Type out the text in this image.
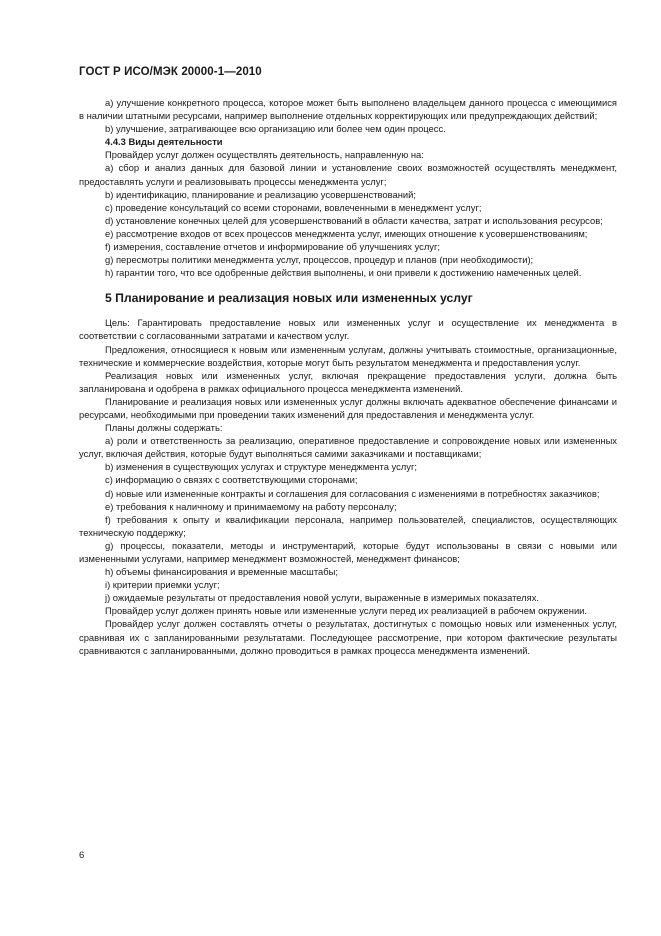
ГОСТ Р ИСО/МЭК 20000-1—2010

a) улучшение конкретного процесса, которое может быть выполнено владельцем данного процесса с имеющимися в наличии штатными ресурсами, например выполнение отдельных корректирующих или предупреждающих действий;

b) улучшение, затрагивающее всю организацию или более чем один процесс.

4.4.3 Виды деятельности

Провайдер услуг должен осуществлять деятельность, направленную на:

a) сбор и анализ данных для базовой линии и установление своих возможностей осуществлять менеджмент, предоставлять услуги и реализовывать процессы менеджмента услуг;

b) идентификацию, планирование и реализацию усовершенствований;

c) проведение консультаций со всеми сторонами, вовлеченными в менеджмент услуг;

d) установление конечных целей для усовершенствований в области качества, затрат и использования ресурсов;

e) рассмотрение входов от всех процессов менеджмента услуг, имеющих отношение к усовершенствованиям;

f) измерения, составление отчетов и информирование об улучшениях услуг;

g) пересмотры политики менеджмента услуг, процессов, процедур и планов (при необходимости);

h) гарантии того, что все одобренные действия выполнены, и они привели к достижению намеченных целей.

5 Планирование и реализация новых или измененных услуг

Цель: Гарантировать предоставление новых или измененных услуг и осуществление их менеджмента в соответствии с согласованными затратами и качеством услуг.

Предложения, относящиеся к новым или измененным услугам, должны учитывать стоимостные, организационные, технические и коммерческие воздействия, которые могут быть результатом менеджмента и предоставления услуг.

Реализация новых или измененных услуг, включая прекращение предоставления услуги, должна быть запланирована и одобрена в рамках официального процесса менеджмента изменений.

Планирование и реализация новых или измененных услуг должны включать адекватное обеспечение финансами и ресурсами, необходимыми при проведении таких изменений для предоставления и менеджмента услуг.

Планы должны содержать:

a) роли и ответственность за реализацию, оперативное предоставление и сопровождение новых или измененных услуг, включая действия, которые будут выполняться самими заказчиками и поставщиками;

b) изменения в существующих услугах и структуре менеджмента услуг;

c) информацию о связях с соответствующими сторонами;

d) новые или измененные контракты и соглашения для согласования с изменениями в потребностях заказчиков;

e) требования к наличному и принимаемому на работу персоналу;

f) требования к опыту и квалификации персонала, например пользователей, специалистов, осуществляющих техническую поддержку;

g) процессы, показатели, методы и инструментарий, которые будут использованы в связи с новыми или измененными услугами, например менеджмент возможностей, менеджмент финансов;

h) объемы финансирования и временные масштабы;

i) критерии приемки услуг;

j) ожидаемые результаты от предоставления новой услуги, выраженные в измеримых показателях.

Провайдер услуг должен принять новые или измененные услуги перед их реализацией в рабочем окружении.

Провайдер услуг должен составлять отчеты о результатах, достигнутых с помощью новых или измененных услуг, сравнивая их с запланированными результатами. Последующее рассмотрение, при котором фактические результаты сравниваются с запланированными, должно проводиться в рамках процесса менеджмента изменений.

6
